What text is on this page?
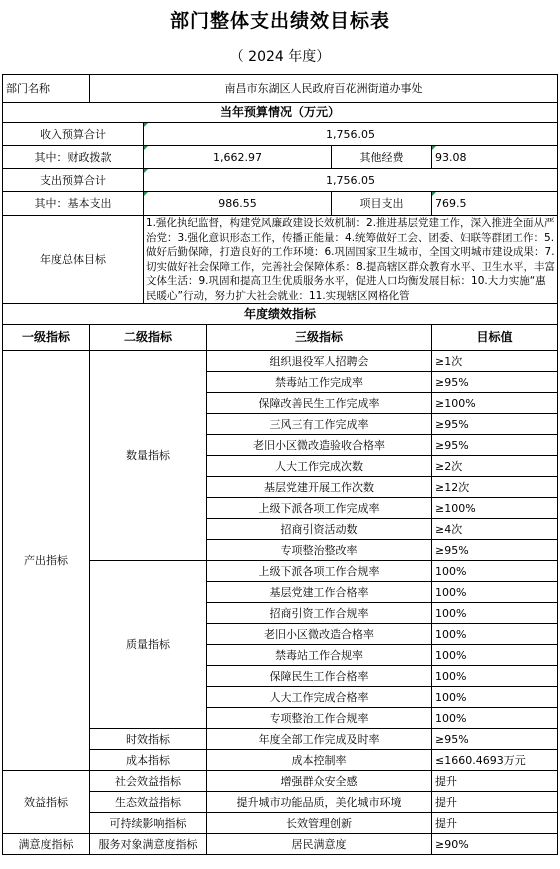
部门整体支出绩效目标表
（ 2024 年度）
部门名称	南昌市东湖区人民政府百花洲街道办事处				
当年预算情况（万元）					
收入预算合计		1,756.05			
其中：财政拨款		1,662.97		其他经费	93.08
支出预算合计		1,756.05			
其中：基本支出		986.55		项目支出	769.5
年度总体目标		1.强化执纪监督，构建党风廉政建设长效机制：2.推进基层党建工作，深入推进全面从严治党：3.强化意识形态工作，传播正能量：4.统筹做好工会、团委、妇联等群团工作：5.做好后勤保障，打造良好的工作环境：6.巩固国家卫生城市，全国文明城市建设成果：7.切实做好社会保障工作，完善社会保障体系：8.提高辖区群众教育水平、卫生水平，丰富文体生活：9.巩固和提高卫生优质服务水平，促进人口均衡发展目标：10.大力实施“惠民暖心”行动，努力扩大社会就业：11.实现辖区网格化管			
年度绩效指标					
一级指标	二级指标		三级指标		目标值
产出指标	数量指标		组织退役军人招聘会		≥1次
			禁毒站工作完成率		≥95%
			保障改善民生工作完成率		≥100%
			三风三有工作完成率		≥95%
			老旧小区微改造验收合格率		≥95%
			人大工作完成次数		≥2次
			基层党建开展工作次数		≥12次
			上级下派各项工作完成率		≥100%
			招商引资活动数		≥4次
			专项整治整改率		≥95%
	质量指标		上级下派各项工作合规率		100%
			基层党建工作合格率		100%
			招商引资工作合规率		100%
			老旧小区微改造合格率		100%
			禁毒站工作合规率		100%
			保障民生工作合格率		100%
			人大工作完成合格率		100%
			专项整治工作合规率		100%
	时效指标		年度全部工作完成及时率		≥95%
	成本指标		成本控制率		≤1660.4693万元
效益指标	社会效益指标		增强群众安全感		提升
	生态效益指标		提升城市功能品质，美化城市环境		提升
	可持续影响指标		长效管理创新		提升
满意度指标	服务对象满意度指标		居民满意度		≥90%
